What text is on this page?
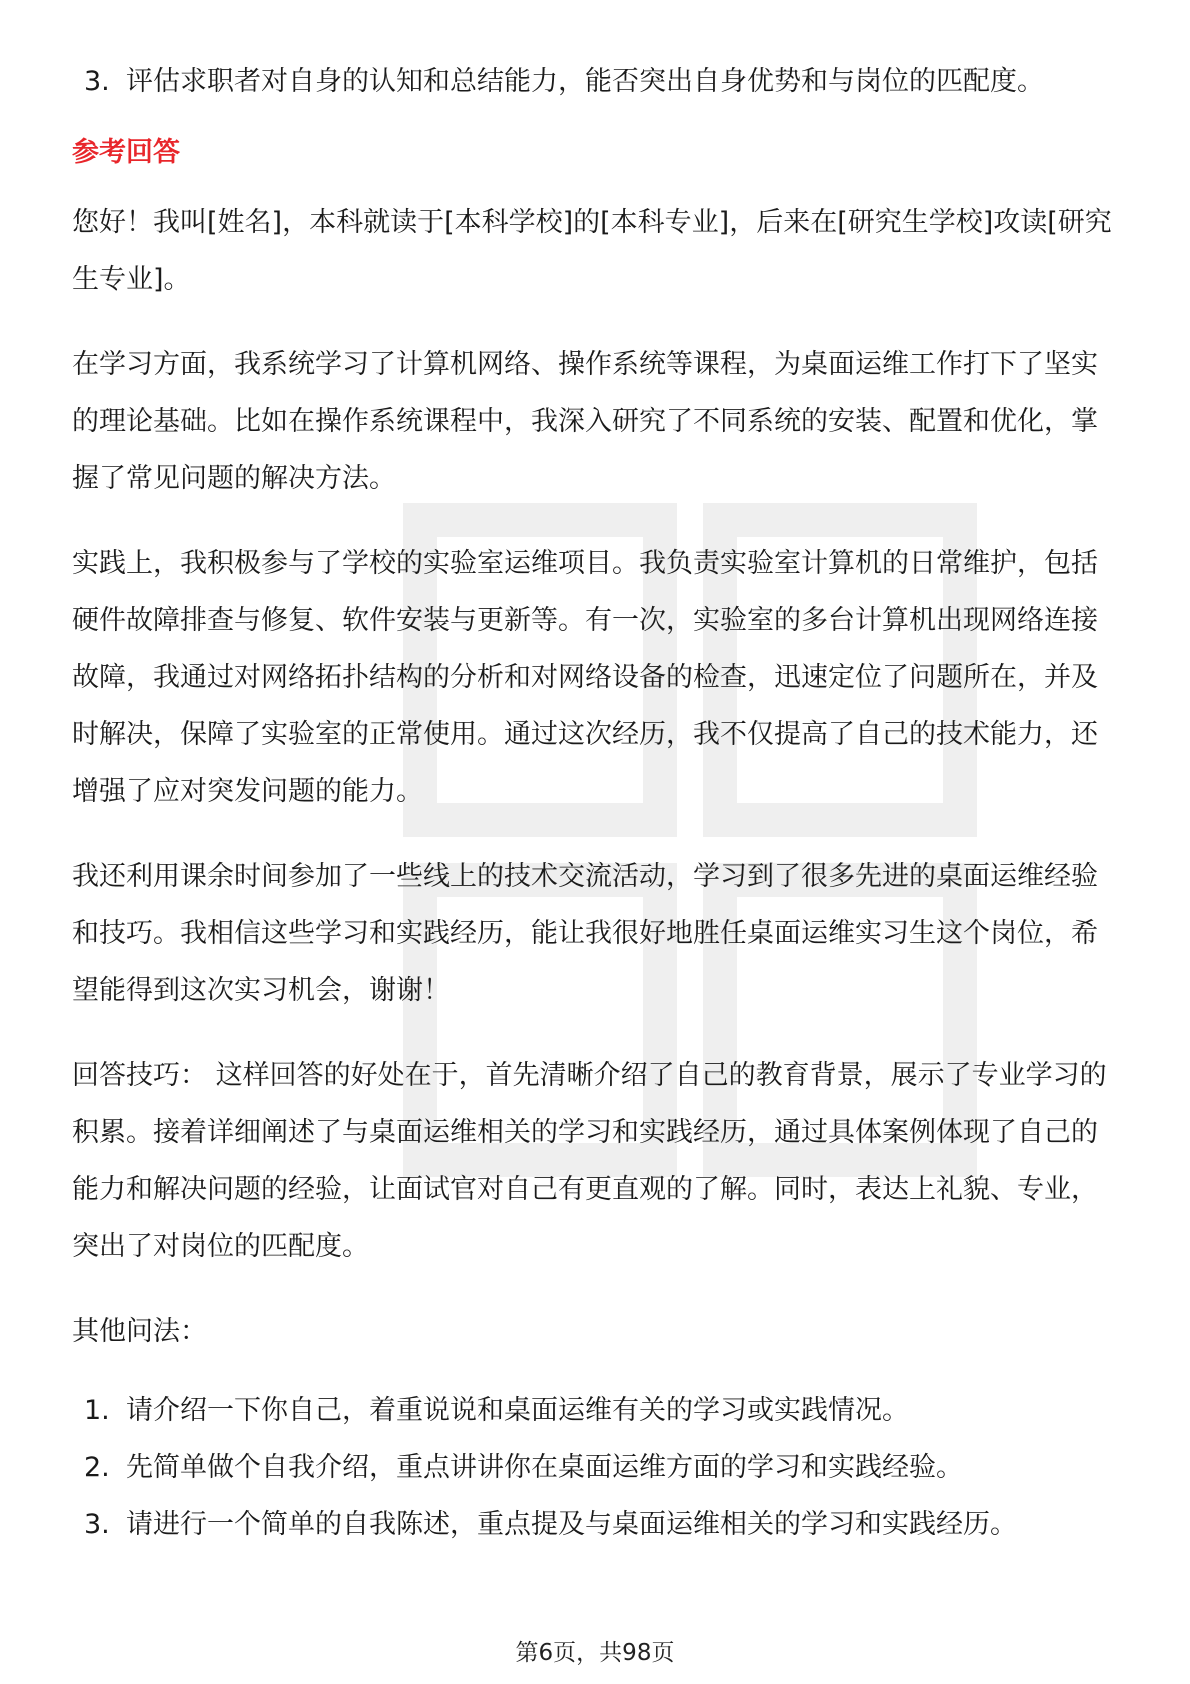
3. 评估求职者对自身的认知和总结能力，能否突出自身优势和与岗位的匹配度。
参考回答

您好！我叫[姓名]，本科就读于[本科学校]的[本科专业]，后来在[研究生学校]攻读[研究生专业]。

在学习方面，我系统学习了计算机网络、操作系统等课程，为桌面运维工作打下了坚实的理论基础。比如在操作系统课程中，我深入研究了不同系统的安装、配置和优化，掌握了常见问题的解决方法。

实践上，我积极参与了学校的实验室运维项目。我负责实验室计算机的日常维护，包括硬件故障排查与修复、软件安装与更新等。有一次，实验室的多台计算机出现网络连接故障，我通过对网络拓扑结构的分析和对网络设备的检查，迅速定位了问题所在，并及时解决，保障了实验室的正常使用。通过这次经历，我不仅提高了自己的技术能力，还增强了应对突发问题的能力。

我还利用课余时间参加了一些线上的技术交流活动，学习到了很多先进的桌面运维经验和技巧。我相信这些学习和实践经历，能让我很好地胜任桌面运维实习生这个岗位，希望能得到这次实习机会，谢谢！

回答技巧： 这样回答的好处在于，首先清晰介绍了自己的教育背景，展示了专业学习的积累。接着详细阐述了与桌面运维相关的学习和实践经历，通过具体案例体现了自己的能力和解决问题的经验，让面试官对自己有更直观的了解。同时，表达上礼貌、专业，突出了对岗位的匹配度。

其他问法：

1. 请介绍一下你自己，着重说说和桌面运维有关的学习或实践情况。
2. 先简单做个自我介绍，重点讲讲你在桌面运维方面的学习和实践经验。
3. 请进行一个简单的自我陈述，重点提及与桌面运维相关的学习和实践经历。
第6页，共98页
